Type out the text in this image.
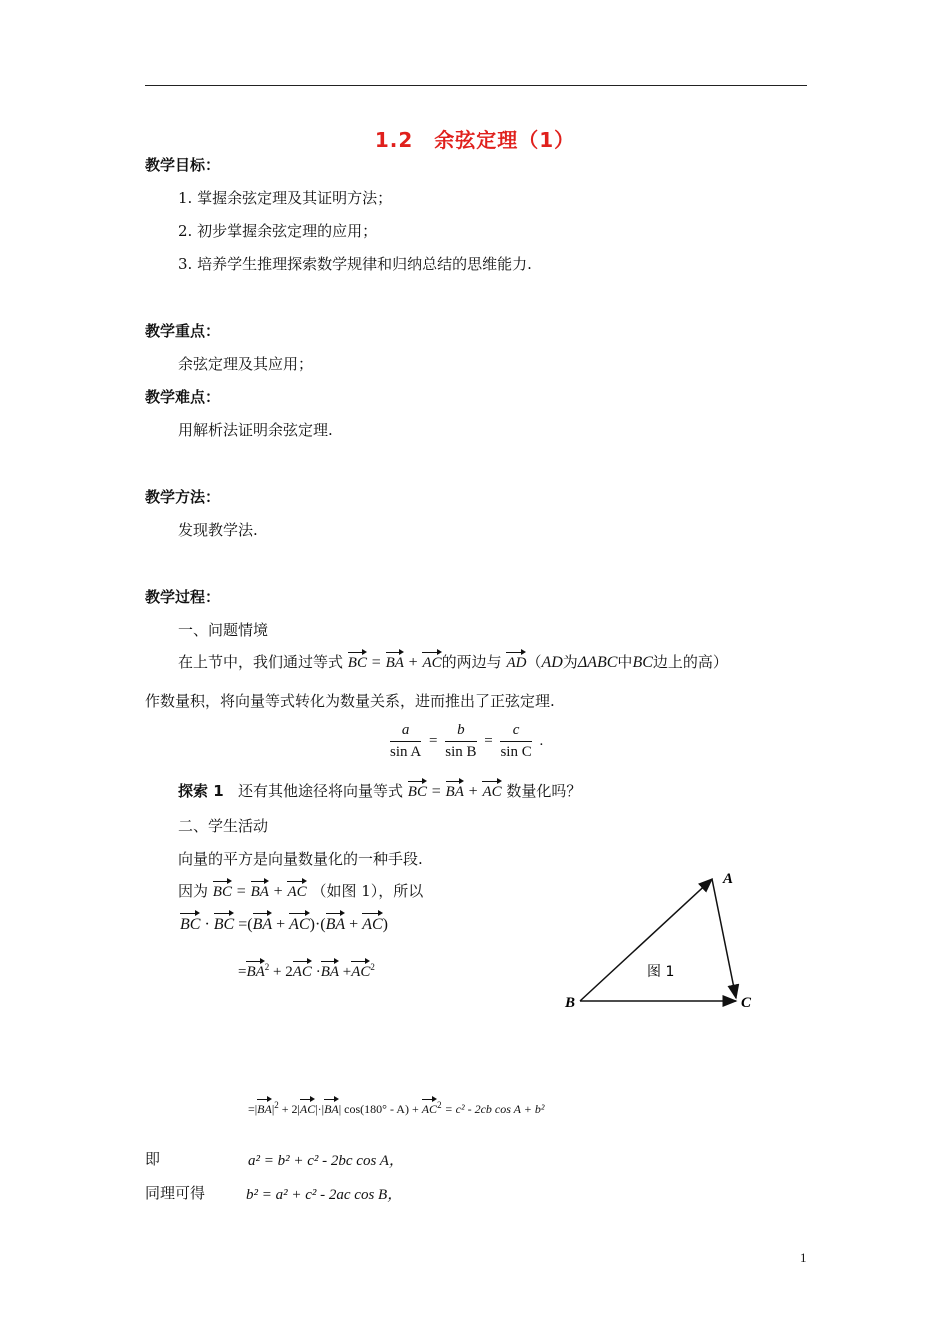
1.2　余弦定理（1）
教学目标：
1. 掌握余弦定理及其证明方法；
2. 初步掌握余弦定理的应用；
3. 培养学生推理探索数学规律和归纳总结的思维能力.
教学重点：
余弦定理及其应用；
教学难点：
用解析法证明余弦定理.
教学方法：
发现教学法.
教学过程：
一、问题情境
在上节中，我们通过等式 BC = BA + AC的两边与 AD（AD为ΔABC中BC边上的高）
作数量积，将向量等式转化为数量关系，进而推出了正弦定理.
$\frac{a}{\text{sin A}} = \frac{b}{\text{sin B}} = \frac{c}{\text{sin C}}$ .
探索 1 还有其他途径将向量等式 BC = BA + AC 数量化吗？
二、学生活动
向量的平方是向量数量化的一种手段.
因为 BC = BA + AC （如图 1），所以
BC · BC =(BA + AC)·(BA + AC)
$=BA^2 + 2AC \cdot BA +AC^2$
A
B	C
图 1
$=|BA|^2 + 2|AC|\cdot|BA|$ $\cos(180^\circ - A) + AC^2 = c^2 - 2cb$ cos A + b²
即	a² = b² + c² - 2bc cos A，
同理可得	b² = a² + c² - 2ac cos B，
1
